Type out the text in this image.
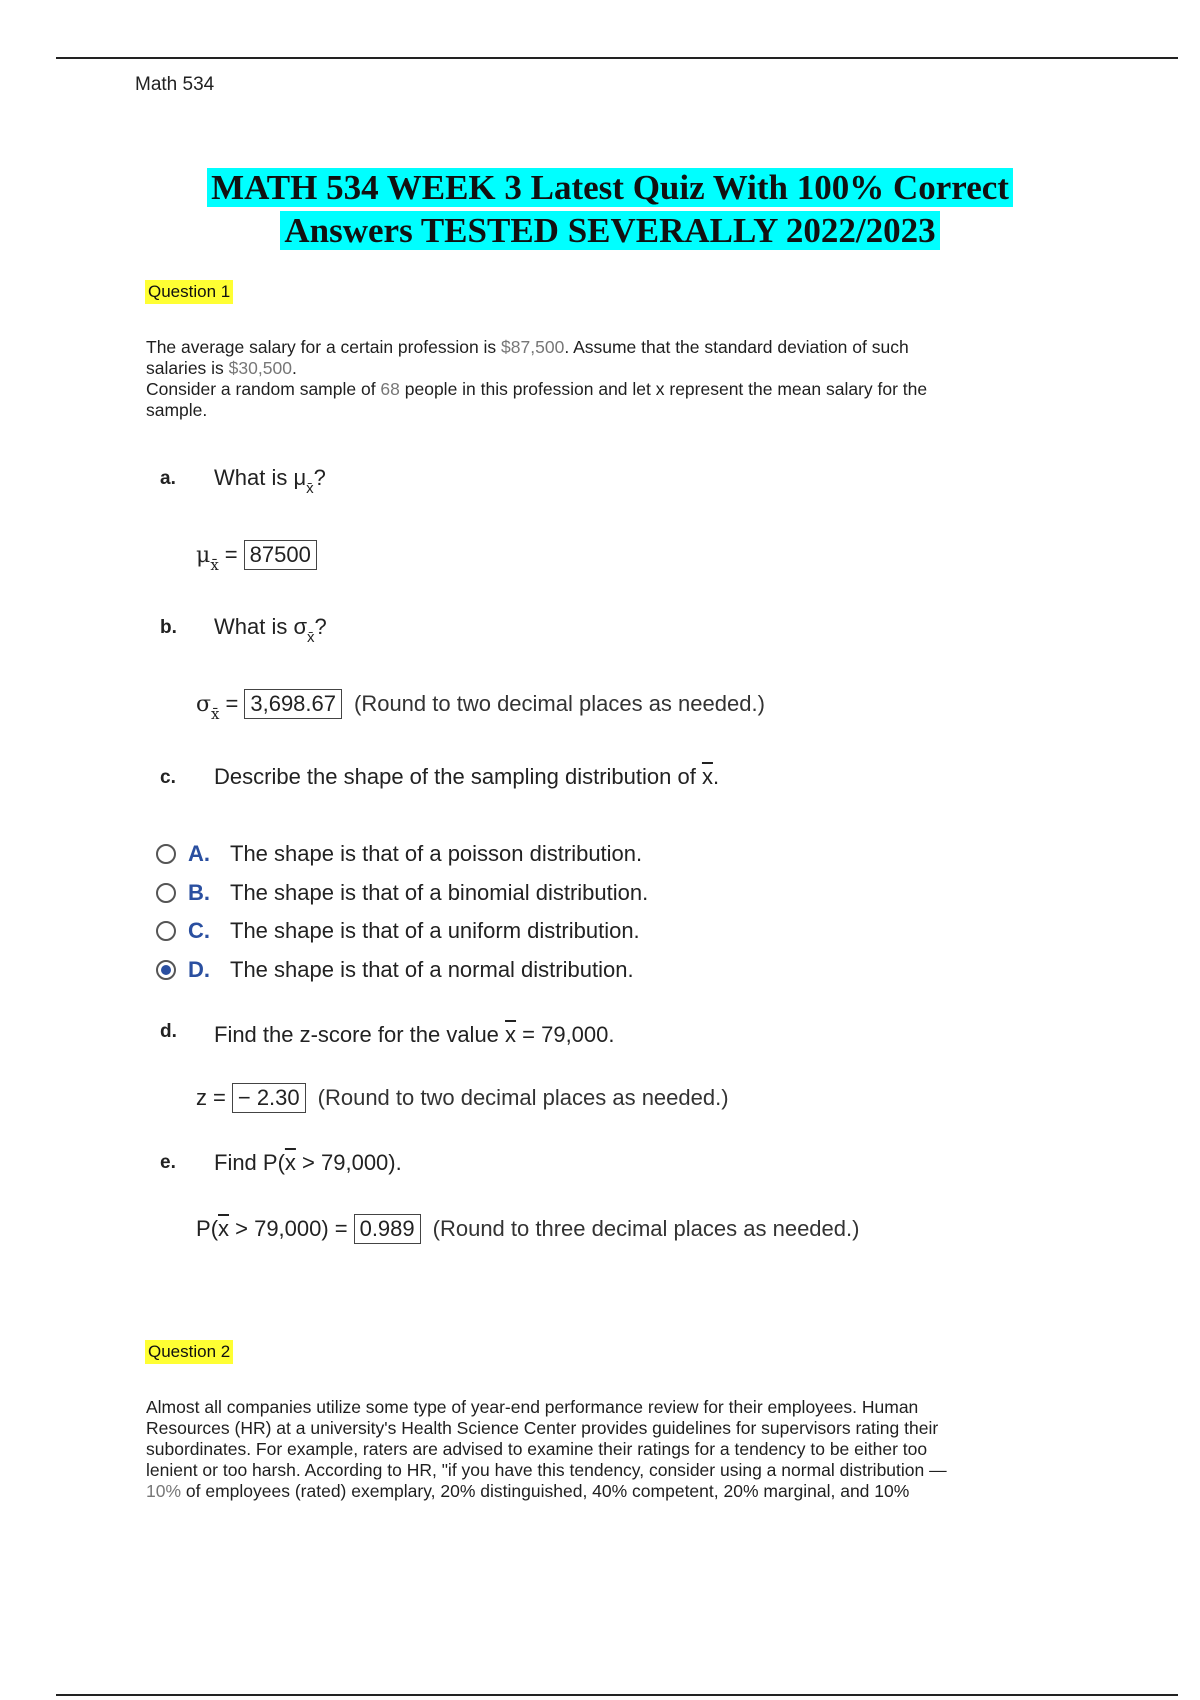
Math 534
MATH 534 WEEK 3 Latest Quiz With 100% Correct
Answers TESTED SEVERALLY 2022/2023
Question 1
The average salary for a certain profession is $87,500. Assume that the standard deviation of such
salaries is $30,500.
Consider a random sample of 68 people in this profession and let x represent the mean salary for the
sample.
a. What is $\mu_{x̄}$?
$\mu_{x̄} = 87500$
b. What is $\sigma_{x̄}$?
$\sigma_{x̄} = 3,698.67$ (Round to two decimal places as needed.)
c. Describe the shape of the sampling distribution of $\overline{x}$.
A. The shape is that of a poisson distribution.
B. The shape is that of a binomial distribution.
C. The shape is that of a uniform distribution.
D. The shape is that of a normal distribution.
d. Find the z-score for the value $\overline{x} = 79,000$.
z = − 2.30 (Round to two decimal places as needed.)
e. Find $P(\overline{x} > 79,000)$.
$P(\overline{x} > 79,000) = 0.989$ (Round to three decimal places as needed.)
Question 2
Almost all companies utilize some type of year-end performance review for their employees. Human
Resources (HR) at a university's Health Science Center provides guidelines for supervisors rating their
subordinates. For example, raters are advised to examine their ratings for a tendency to be either too
lenient or too harsh. According to HR, "if you have this tendency, consider using a normal distribution —
10% of employees (rated) exemplary, 20% distinguished, 40% competent, 20% marginal, and 10%
